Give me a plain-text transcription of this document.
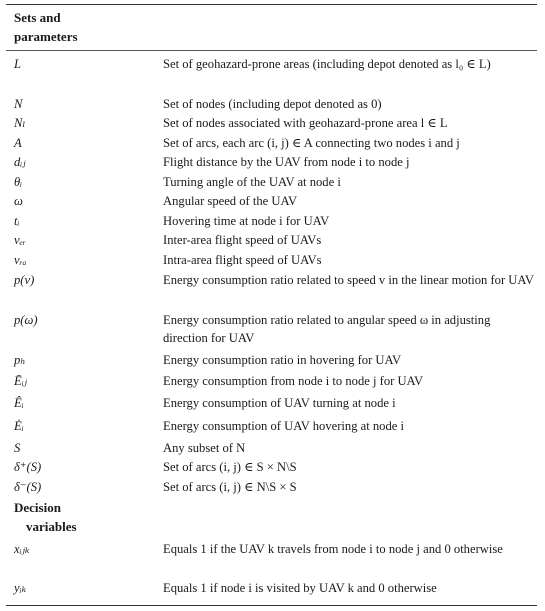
Sets and
parameters
L	Set of geohazard-prone areas (including depot denoted as l₀ ∈ L)
N	Set of nodes (including depot denoted as 0)
Nₗ	Set of nodes associated with geohazard-prone area l ∈ L
A	Set of arcs, each arc (i, j) ∈ A connecting two nodes i and j
dᵢⱼ	Flight distance by the UAV from node i to node j
θᵢ	Turning angle of the UAV at node i
ω	Angular speed of the UAV
tᵢ	Hovering time at node i for UAV
vₑᵣ	Inter-area flight speed of UAVs
vᵣₐ	Intra-area flight speed of UAVs
p(v)	Energy consumption ratio related to speed v in the linear motion for UAV
p(ω)	Energy consumption ratio related to angular speed ω in adjusting direction for UAV
pₕ	Energy consumption ratio in hovering for UAV
Ēᵢⱼ	Energy consumption from node i to node j for UAV
Êᵢ	Energy consumption of UAV turning at node i
Ėᵢ	Energy consumption of UAV hovering at node i
S	Any subset of N
δ⁺(S)	Set of arcs (i, j) ∈ S × N\S
δ⁻(S)	Set of arcs (i, j) ∈ N\S × S
Decision
variables
xᵢⱼₖ	Equals 1 if the UAV k travels from node i to node j and 0 otherwise
yᵢₖ	Equals 1 if node i is visited by UAV k and 0 otherwise
